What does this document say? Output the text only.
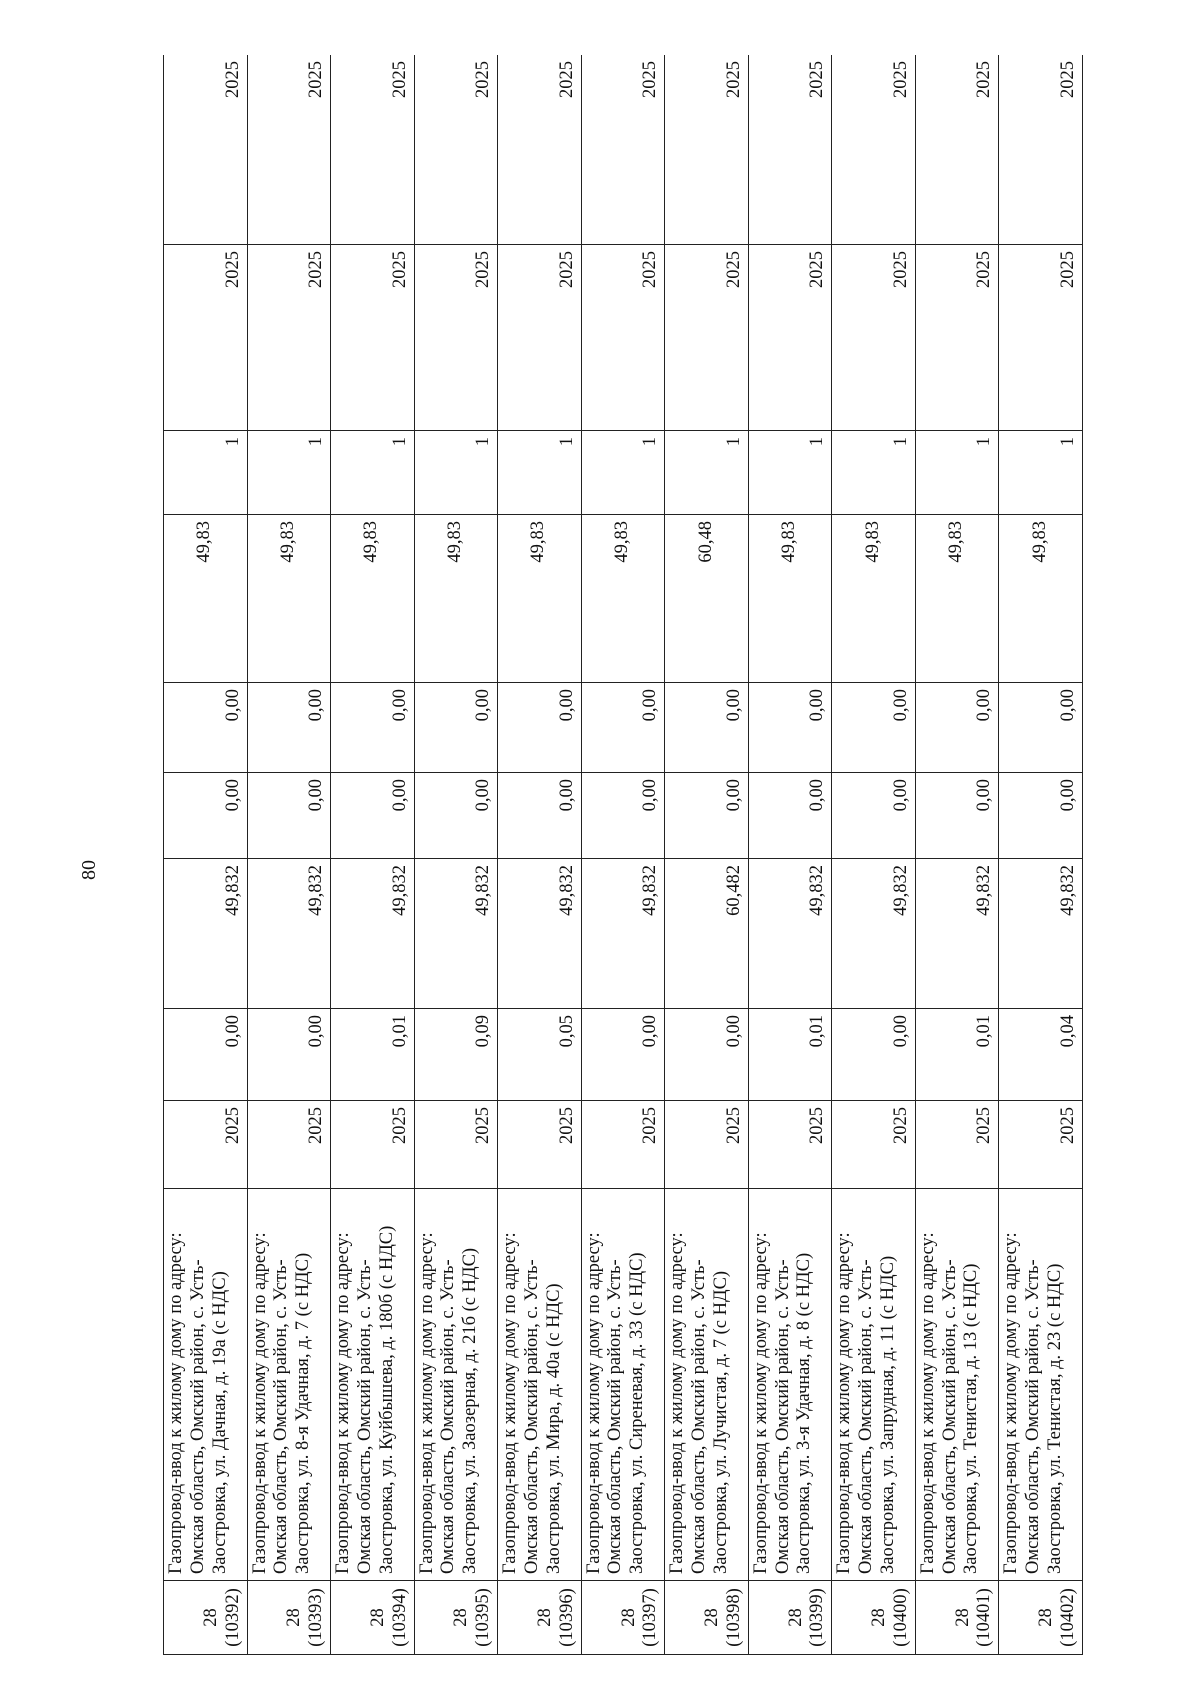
80
28 (10392)	Газопровод-ввод к жилому дому по адресу: Омская область, Омский район, с. Усть-Заостровка, ул. Дачная, д. 19а (с НДС)	2025	0,00	49,832	0,00	0,00	49,83	1	2025	2025

28 (10393)	Газопровод-ввод к жилому дому по адресу: Омская область, Омский район, с. Усть-Заостровка, ул. 8-я Удачная, д. 7 (с НДС)	2025	0,00	49,832	0,00	0,00	49,83	1	2025	2025

28 (10394)	Газопровод-ввод к жилому дому по адресу: Омская область, Омский район, с. Усть-Заостровка, ул. Куйбышева, д. 180б (с НДС)	2025	0,01	49,832	0,00	0,00	49,83	1	2025	2025

28 (10395)	Газопровод-ввод к жилому дому по адресу: Омская область, Омский район, с. Усть-Заостровка, ул. Заозерная, д. 21б (с НДС)	2025	0,09	49,832	0,00	0,00	49,83	1	2025	2025

28 (10396)	Газопровод-ввод к жилому дому по адресу: Омская область, Омский район, с. Усть-Заостровка, ул. Мира, д. 40а (с НДС)	2025	0,05	49,832	0,00	0,00	49,83	1	2025	2025

28 (10397)	Газопровод-ввод к жилому дому по адресу: Омская область, Омский район, с. Усть-Заостровка, ул. Сиреневая, д. 33 (с НДС)	2025	0,00	49,832	0,00	0,00	49,83	1	2025	2025

28 (10398)	Газопровод-ввод к жилому дому по адресу: Омская область, Омский район, с. Усть-Заостровка, ул. Лучистая, д. 7 (с НДС)	2025	0,00	60,482	0,00	0,00	60,48	1	2025	2025

28 (10399)	Газопровод-ввод к жилому дому по адресу: Омская область, Омский район, с. Усть-Заостровка, ул. 3-я Удачная, д. 8 (с НДС)	2025	0,01	49,832	0,00	0,00	49,83	1	2025	2025

28 (10400)	Газопровод-ввод к жилому дому по адресу: Омская область, Омский район, с. Усть-Заостровка, ул. Запрудная, д. 11 (с НДС)	2025	0,00	49,832	0,00	0,00	49,83	1	2025	2025

28 (10401)	Газопровод-ввод к жилому дому по адресу: Омская область, Омский район, с. Усть-Заостровка, ул. Тенистая, д. 13 (с НДС)	2025	0,01	49,832	0,00	0,00	49,83	1	2025	2025

28 (10402)	Газопровод-ввод к жилому дому по адресу: Омская область, Омский район, с. Усть-Заостровка, ул. Тенистая, д. 23 (с НДС)	2025	0,04	49,832	0,00	0,00	49,83	1	2025	2025
